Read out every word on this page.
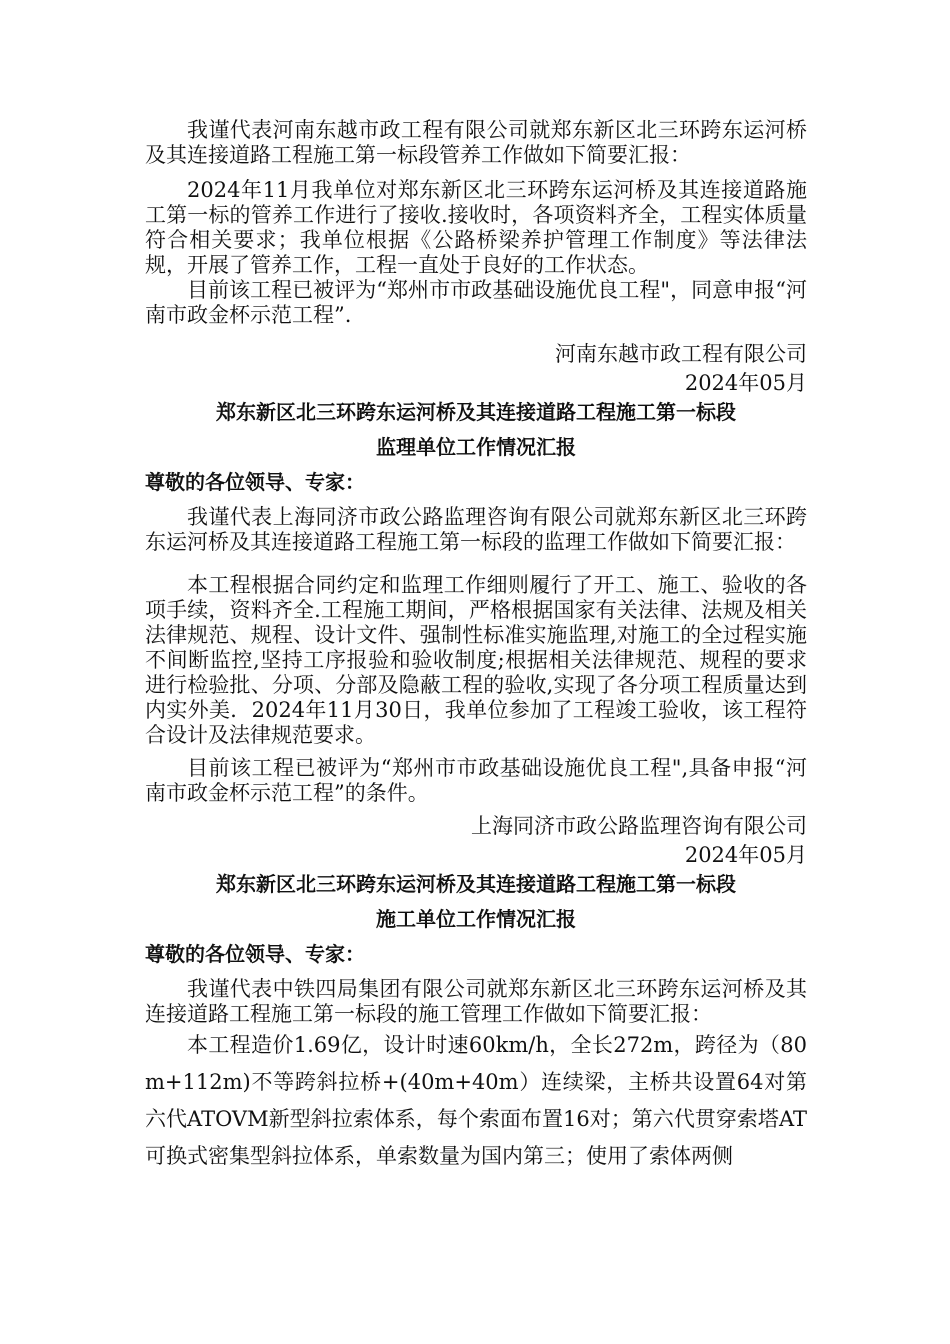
我谨代表河南东越市政工程有限公司就郑东新区北三环跨东运河桥及其连接道路工程施工第一标段管养工作做如下简要汇报：

2024年11月我单位对郑东新区北三环跨东运河桥及其连接道路施工第一标的管养工作进行了接收.接收时，各项资料齐全，工程实体质量符合相关要求；我单位根据《公路桥梁养护管理工作制度》等法律法规，开展了管养工作，工程一直处于良好的工作状态。

目前该工程已被评为“郑州市市政基础设施优良工程"，同意申报“河南市政金杯示范工程”.

河南东越市政工程有限公司

2024年05月

郑东新区北三环跨东运河桥及其连接道路工程施工第一标段

监理单位工作情况汇报

尊敬的各位领导、专家：

我谨代表上海同济市政公路监理咨询有限公司就郑东新区北三环跨东运河桥及其连接道路工程施工第一标段的监理工作做如下简要汇报：

本工程根据合同约定和监理工作细则履行了开工、施工、验收的各项手续，资料齐全.工程施工期间，严格根据国家有关法律、法规及相关法律规范、规程、设计文件、强制性标准实施监理,对施工的全过程实施不间断监控,坚持工序报验和验收制度;根据相关法律规范、规程的要求进行检验批、分项、分部及隐蔽工程的验收,实现了各分项工程质量达到内实外美．2024年11月30日，我单位参加了工程竣工验收，该工程符合设计及法律规范要求。

目前该工程已被评为“郑州市市政基础设施优良工程",具备申报“河南市政金杯示范工程”的条件。

上海同济市政公路监理咨询有限公司

2024年05月

郑东新区北三环跨东运河桥及其连接道路工程施工第一标段

施工单位工作情况汇报

尊敬的各位领导、专家：

我谨代表中铁四局集团有限公司就郑东新区北三环跨东运河桥及其连接道路工程施工第一标段的施工管理工作做如下简要汇报：

本工程造价1.69亿，设计时速60km/h，全长272m，跨径为（80m+112m)不等跨斜拉桥+(40m+40m）连续梁，主桥共设置64对第六代ATOVM新型斜拉索体系，每个索面布置16对；第六代贯穿索塔AT可换式密集型斜拉体系，单索数量为国内第三；使用了索体两侧
